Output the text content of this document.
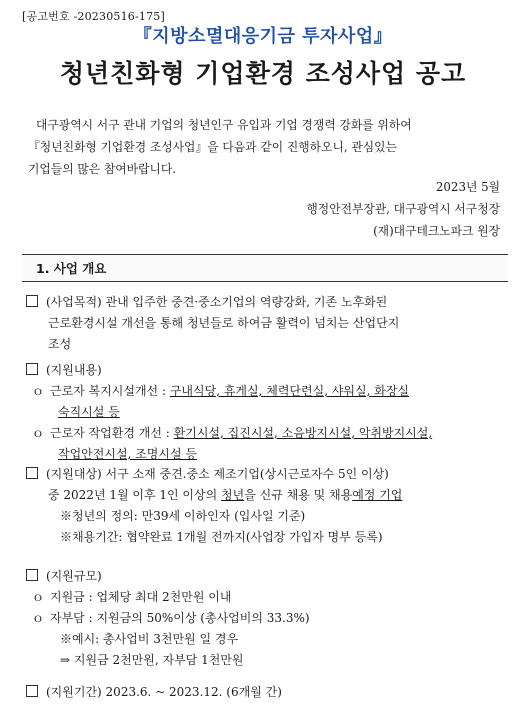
[공고번호 -20230516-175]
『지방소멸대응기금 투자사업』
청년친화형 기업환경 조성사업 공고

대구광역시 서구 관내 기업의 청년인구 유입과 기업 경쟁력 강화를 위하여

『청년친화형 기업환경 조성사업』을 다음과 같이 진행하오니, 관심있는

기업들의 많은 참여바랍니다.

2023년 5월
행정안전부장관, 대구광역시 서구청장
(재)대구테크노파크 원장
1. 사업 개요
(사업목적) 관내 입주한 중견·중소기업의 역량강화, 기존 노후화된
근로환경시설 개선을 통해 청년들로 하여금 활력이 넘치는 산업단지
조성
(지원내용)
ｏ 근로자 복지시설개선 : 구내식당, 휴게실, 체력단련실, 샤워실, 화장실
숙직시설 등
ｏ 근로자 작업환경 개선 : 환기시설, 집진시설, 소음방지시설, 악취방지시설,
작업안전시설, 조명시설 등
(지원대상) 서구 소재 중견.중소 제조기업(상시근로자수 5인 이상)
중 2022년 1월 이후 1인 이상의 청년을 신규 채용 및 채용예정 기업
※청년의 정의: 만39세 이하인자 (입사일 기준)
※채용기간: 협약완료 1개월 전까지(사업장 가입자 명부 등록)
(지원규모)
ｏ 지원금 : 업체당 최대 2천만원 이내
ｏ 자부담 : 지원금의 50%이상 (총사업비의 33.3%)
※예시: 총사업비 3천만원 일 경우
⇒ 지원금 2천만원, 자부담 1천만원
(지원기간) 2023.6. ~ 2023.12. (6개월 간)
